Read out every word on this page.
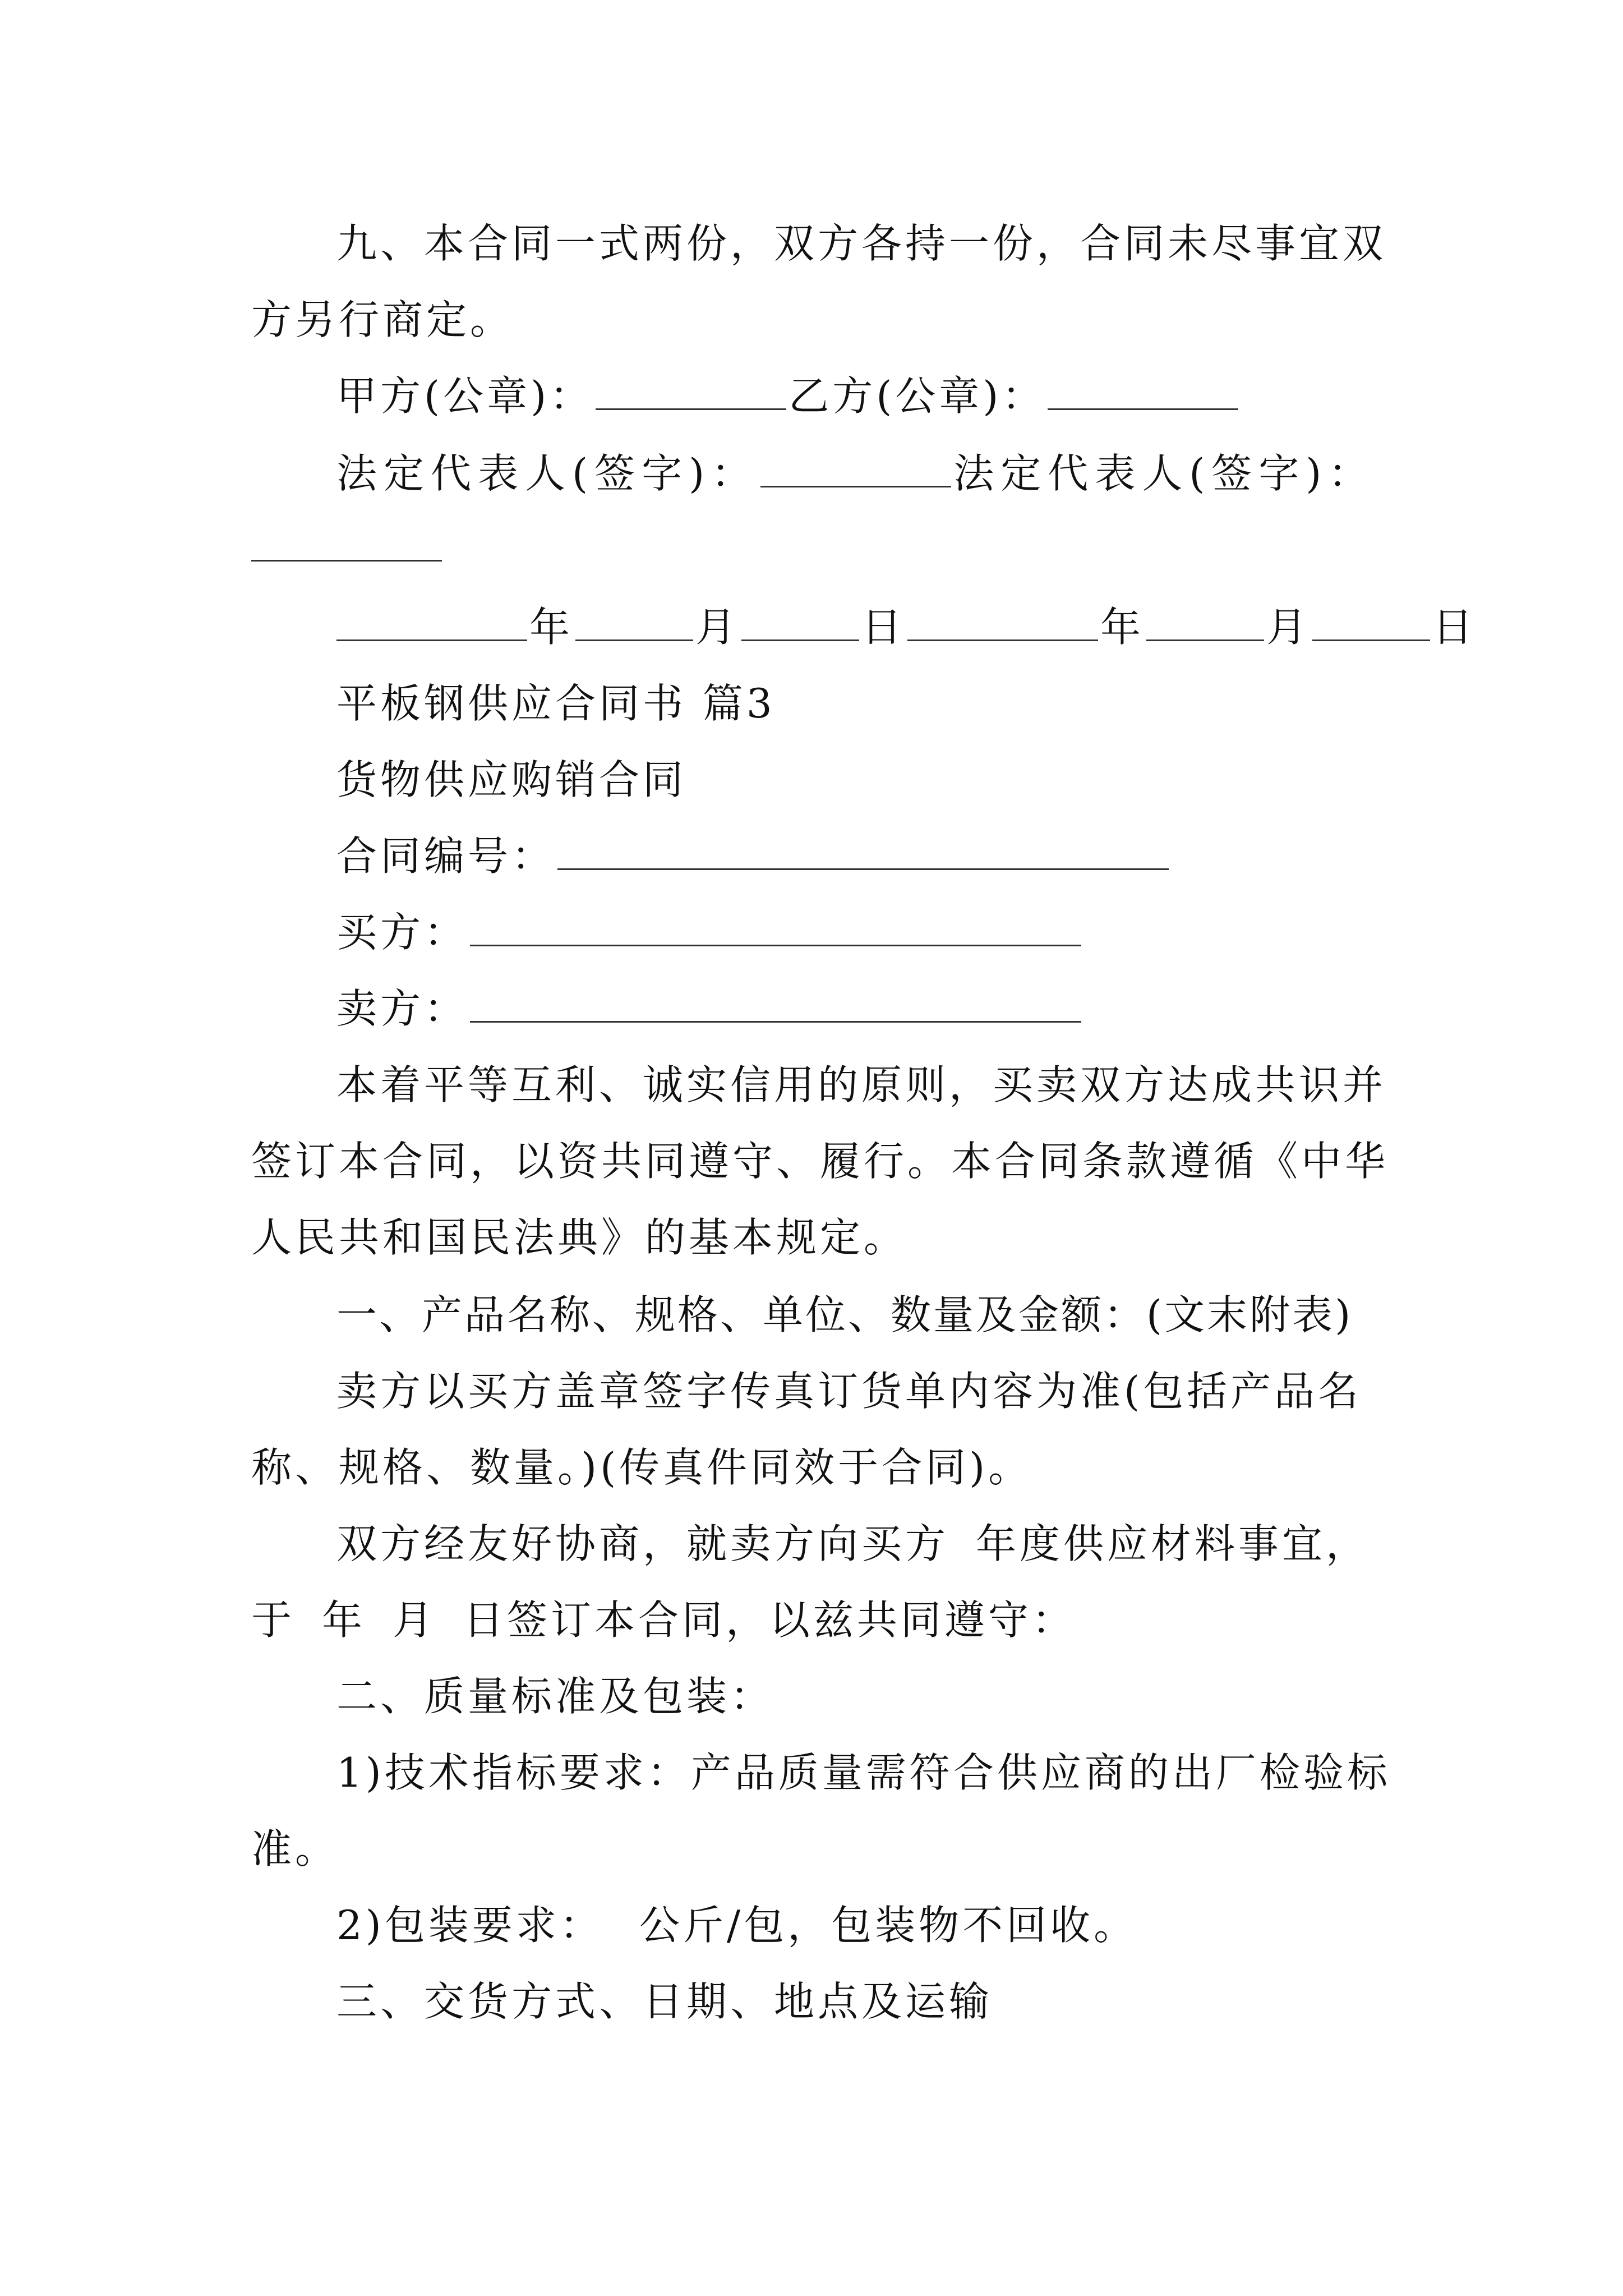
九、本合同一式两份，双方各持一份，合同未尽事宜双
方另行商定。
甲方(公章)：	乙方(公章)：
法定代表人(签字)：	法定代表人(签字)：
年	月	日	年	月	日
平板钢供应合同书 篇3
货物供应购销合同
合同编号：
买方：
卖方：
本着平等互利、诚实信用的原则，买卖双方达成共识并
签订本合同，以资共同遵守、履行。本合同条款遵循《中华
人民共和国民法典》的基本规定。
一、产品名称、规格、单位、数量及金额：(文末附表)
卖方以买方盖章签字传真订货单内容为准(包括产品名
称、规格、数量。)(传真件同效于合同)。
双方经友好协商，就卖方向买方 年度供应材料事宜，
于 年 月 日签订本合同，以兹共同遵守：
二、质量标准及包装：
1)技术指标要求：产品质量需符合供应商的出厂检验标
准。
2)包装要求： 公斤/包，包装物不回收。
三、交货方式、日期、地点及运输
